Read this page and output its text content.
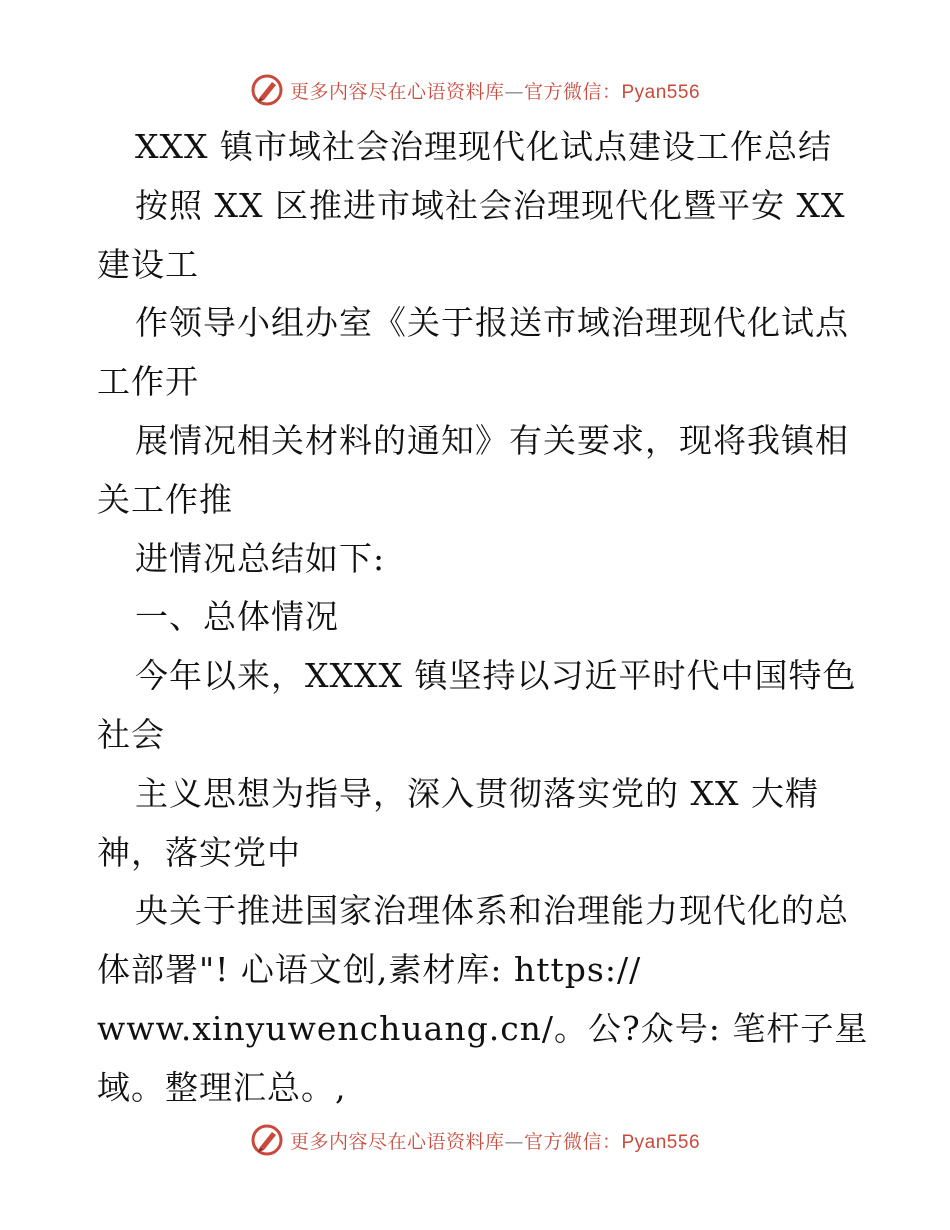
更多内容尽在心语资料库—官方微信：Pyan556
XXX 镇市域社会治理现代化试点建设工作总结
按照 XX 区推进市域社会治理现代化暨平安 XX
建设工
作领导小组办室《关于报送市域治理现代化试点
工作开
展情况相关材料的通知》有关要求，现将我镇相
关工作推
进情况总结如下:
一、总体情况
今年以来，XXXX 镇坚持以习近平时代中国特色
社会
主义思想为指导，深入贯彻落实党的 XX 大精
神，落实党中
央关于推进国家治理体系和治理能力现代化的总
体部署"! 心语文创,素材库: https://
www.xinyuwenchuang.cn/。公?众号: 笔杆子星
域。整理汇总。,
更多内容尽在心语资料库—官方微信：Pyan556
